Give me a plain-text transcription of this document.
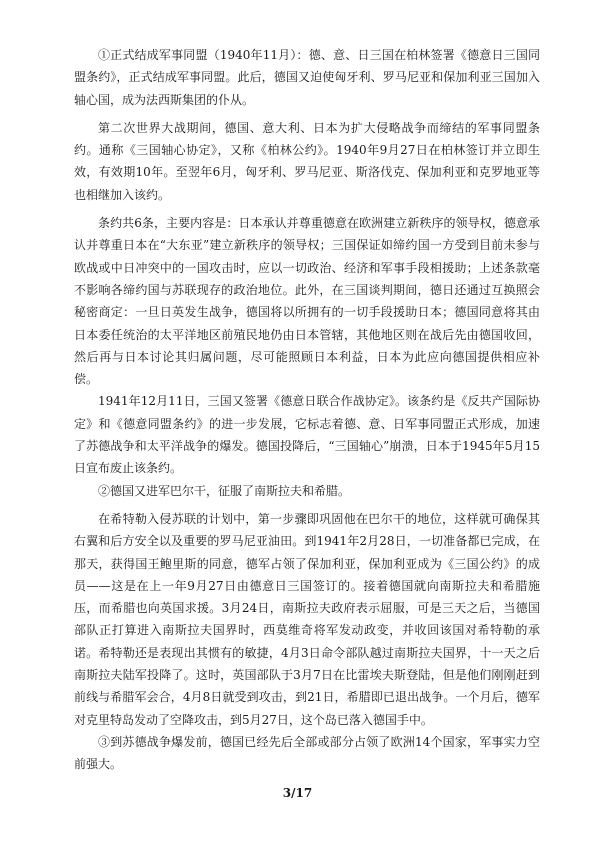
①正式结成军事同盟（1940年11月）：德、意、日三国在柏林签署《德意日三国同盟条约》，正式结成军事同盟。此后，德国又迫使匈牙利、罗马尼亚和保加利亚三国加入轴心国，成为法西斯集团的仆从。

第二次世界大战期间，德国、意大利、日本为扩大侵略战争而缔结的军事同盟条约。通称《三国轴心协定》，又称《柏林公约》。1940年9月27日在柏林签订并立即生效，有效期10年。至翌年6月，匈牙利、罗马尼亚、斯洛伐克、保加利亚和克罗地亚等也相继加入该约。

条约共6条，主要内容是：日本承认并尊重德意在欧洲建立新秩序的领导权，德意承认并尊重日本在“大东亚”建立新秩序的领导权；三国保证如缔约国一方受到目前未参与欧战或中日冲突中的一国攻击时，应以一切政治、经济和军事手段相援助；上述条款毫不影响各缔约国与苏联现存的政治地位。此外，在三国谈判期间，德日还通过互换照会秘密商定：一旦日英发生战争，德国将以所拥有的一切手段援助日本；德国同意将其由日本委任统治的太平洋地区前殖民地仍由日本管辖，其他地区则在战后先由德国收回，然后再与日本讨论其归属问题，尽可能照顾日本利益，日本为此应向德国提供相应补偿。

1941年12月11日，三国又签署《德意日联合作战协定》。该条约是《反共产国际协定》和《德意同盟条约》的进一步发展，它标志着德、意、日军事同盟正式形成，加速了苏德战争和太平洋战争的爆发。德国投降后，“三国轴心”崩溃，日本于1945年5月15日宣布废止该条约。

②德国又进军巴尔干，征服了南斯拉夫和希腊。

在希特勒入侵苏联的计划中，第一步骤即巩固他在巴尔干的地位，这样就可确保其右翼和后方安全以及重要的罗马尼亚油田。到1941年2月28日，一切准备都已完成，在那天，获得国王鲍里斯的同意，德军占领了保加利亚，保加利亚成为《三国公约》的成员——这是在上一年9月27日由德意日三国签订的。接着德国就向南斯拉夫和希腊施压，而希腊也向英国求援。3月24日，南斯拉夫政府表示屈服，可是三天之后，当德国部队正打算进入南斯拉夫国界时，西莫维奇将军发动政变，并收回该国对希特勒的承诺。希特勒还是表现出其惯有的敏捷，4月3日命令部队越过南斯拉夫国界，十一天之后南斯拉夫陆军投降了。这时，英国部队于3月7日在比雷埃夫斯登陆，但是他们刚刚赶到前线与希腊军会合，4月8日就受到攻击，到21日，希腊即已退出战争。一个月后，德军对克里特岛发动了空降攻击，到5月27日，这个岛已落入德国手中。

③到苏德战争爆发前，德国已经先后全部或部分占领了欧洲14个国家，军事实力空前强大。

3/17
